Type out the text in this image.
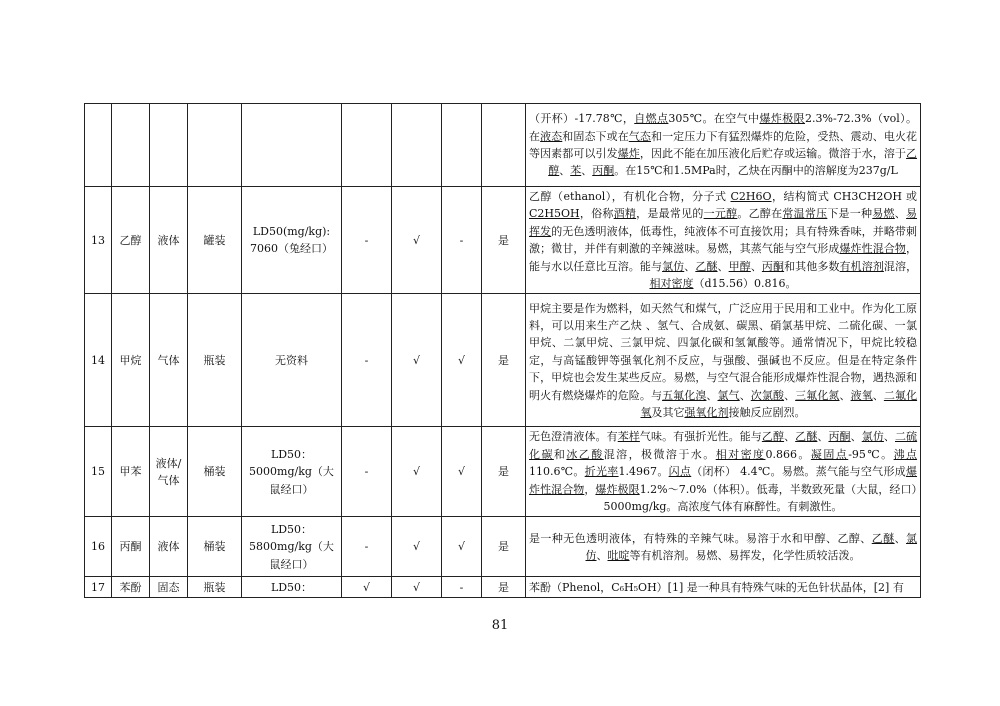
									（开杯）-17.78℃，自燃点305℃。在空气中爆炸极限2.3%-72.3%（vol）。在液态和固态下或在气态和一定压力下有猛烈爆炸的危险，受热、震动、电火花等因素都可以引发爆炸，因此不能在加压液化后贮存或运输。微溶于水，溶于乙醇、苯、丙酮。在15℃和1.5MPa时，乙炔在丙酮中的溶解度为237g/L
13	乙醇	液体	罐装	LD50(mg/kg): 7060（兔经口）	-	√	-	是	乙醇（ethanol），有机化合物，分子式 C2H6O，结构简式 CH3CH2OH 或 C2H5OH，俗称酒精，是最常见的一元醇。乙醇在常温常压下是一种易燃、易挥发的无色透明液体，低毒性，纯液体不可直接饮用；具有特殊香味，并略带刺激；微甘，并伴有刺激的辛辣滋味。易燃，其蒸气能与空气形成爆炸性混合物，能与水以任意比互溶。能与氯仿、乙醚、甲醇、丙酮和其他多数有机溶剂混溶，相对密度（d15.56）0.816。
14	甲烷	气体	瓶装	无资料	-	√	√	是	甲烷主要是作为燃料，如天然气和煤气，广泛应用于民用和工业中。作为化工原料，可以用来生产乙炔 、氢气、合成氨、碳黑、硝氯基甲烷、二硫化碳、一氯甲烷、二氯甲烷、三氯甲烷、四氯化碳和氢氰酸等。通常情况下，甲烷比较稳定，与高锰酸钾等强氧化剂不反应，与强酸、强碱也不反应。但是在特定条件下，甲烷也会发生某些反应。易燃，与空气混合能形成爆炸性混合物，遇热源和明火有燃烧爆炸的危险。与五氟化溴、氯气、次氯酸、三氟化氮、液氧、二氟化氧及其它强氧化剂接触反应剧烈。
15	甲苯	液体/气体	桶装	LD50：5000mg/kg（大鼠经口）	-	√	√	是	无色澄清液体。有苯样气味。有强折光性。能与乙醇、乙醚、丙酮、氯仿、二硫化碳和冰乙酸混溶，极微溶于水。相对密度0.866。凝固点-95℃。沸点110.6℃。折光率1.4967。闪点（闭杯） 4.4℃。易燃。蒸气能与空气形成爆炸性混合物，爆炸极限1.2%～7.0%（体积）。低毒，半数致死量（大鼠，经口）5000mg/kg。高浓度气体有麻醉性。有刺激性。
16	丙酮	液体	桶装	LD50：5800mg/kg（大鼠经口）	-	√	√	是	是一种无色透明液体，有特殊的辛辣气味。易溶于水和甲醇、乙醇、乙醚、氯仿、吡啶等有机溶剂。易燃、易挥发，化学性质较活泼。
17	苯酚	固态	瓶装	LD50：	√	√	-	是	苯酚（Phenol，C₆H₅OH）[1] 是一种具有特殊气味的无色针状晶体，[2] 有
81
